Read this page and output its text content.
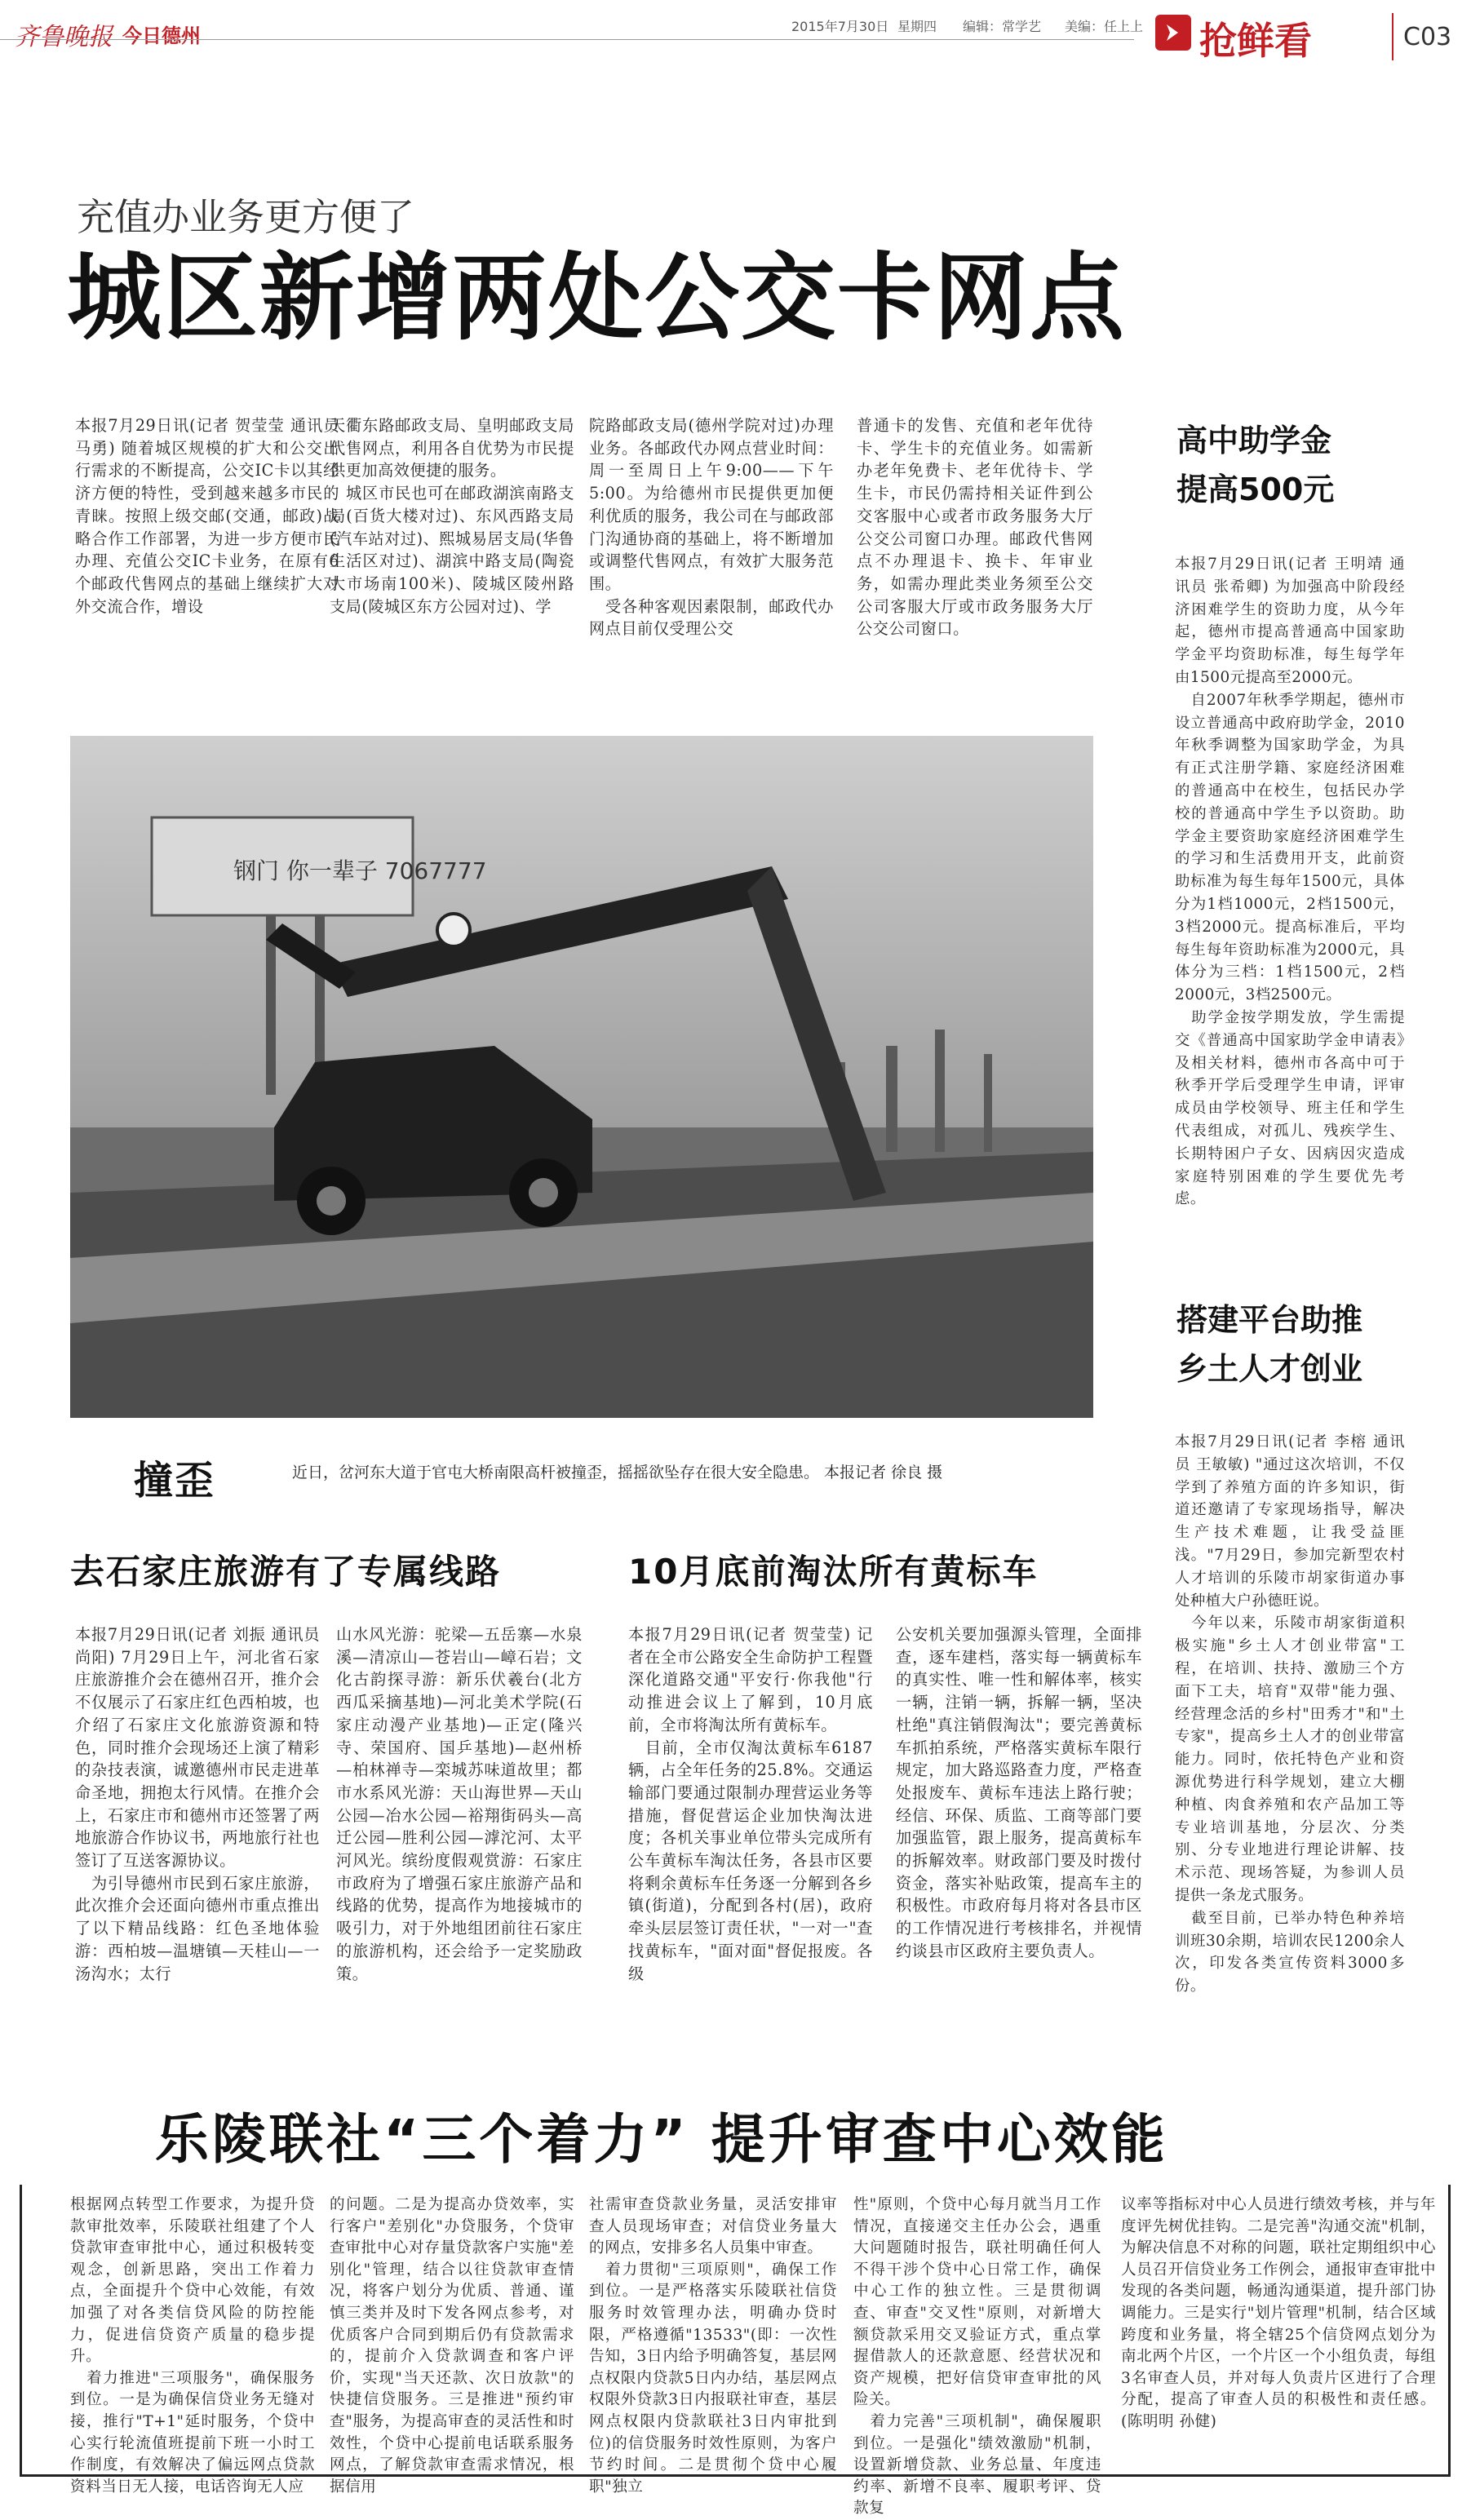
齐鲁晚报 今日德州	2015年7月30日 星期四 编辑：常学艺 美编：任上上 抢鲜看	C03
充值办业务更方便了
城区新增两处公交卡网点
本报7月29日讯(记者 贺莹莹 通讯员 马勇) 随着城区规模的扩大和公交出行需求的不断提高，公交IC卡以其经济方便的特性，受到越来越多市民的青睐。按照上级交邮(交通，邮政)战略合作工作部署，为进一步方便市民办理、充值公交IC卡业务，在原有6个邮政代售网点的基础上继续扩大对外交流合作，增设
天衢东路邮政支局、皇明邮政支局代售网点，利用各自优势为市民提供更加高效便捷的服务。
　城区市民也可在邮政湖滨南路支局(百货大楼对过)、东风西路支局(汽车站对过)、熙城易居支局(华鲁生活区对过)、湖滨中路支局(陶瓷大市场南100米)、陵城区陵州路支局(陵城区东方公园对过)、学
院路邮政支局(德州学院对过)办理业务。各邮政代办网点营业时间：周一至周日上午9:00——下午5:00。为给德州市民提供更加便利优质的服务，我公司在与邮政部门沟通协商的基础上，将不断增加或调整代售网点，有效扩大服务范围。
　受各种客观因素限制，邮政代办网点目前仅受理公交
普通卡的发售、充值和老年优待卡、学生卡的充值业务。如需新办老年免费卡、老年优待卡、学生卡，市民仍需持相关证件到公交客服中心或者市政务服务大厅公交公司窗口办理。邮政代售网点不办理退卡、换卡、年审业务，如需办理此类业务须至公交公司客服大厅或市政务服务大厅公交公司窗口。
钢门 你一辈子 7067777
撞歪	近日，岔河东大道于官屯大桥南限高杆被撞歪，摇摇欲坠存在很大安全隐患。 本报记者 徐良 摄
高中助学金
提高500元
本报7月29日讯(记者 王明靖 通讯员 张希卿) 为加强高中阶段经济困难学生的资助力度，从今年起，德州市提高普通高中国家助学金平均资助标准，每生每学年由1500元提高至2000元。
　自2007年秋季学期起，德州市设立普通高中政府助学金，2010年秋季调整为国家助学金，为具有正式注册学籍、家庭经济困难的普通高中在校生，包括民办学校的普通高中学生予以资助。助学金主要资助家庭经济困难学生的学习和生活费用开支，此前资助标准为每生每年1500元，具体分为1档1000元，2档1500元，3档2000元。提高标准后，平均每生每年资助标准为2000元，具体分为三档：1档1500元，2档2000元，3档2500元。
　助学金按学期发放，学生需提交《普通高中国家助学金申请表》及相关材料，德州市各高中可于秋季开学后受理学生申请，评审成员由学校领导、班主任和学生代表组成，对孤儿、残疾学生、长期特困户子女、因病因灾造成家庭特别困难的学生要优先考虑。
搭建平台助推
乡土人才创业
本报7月29日讯(记者 李榕 通讯员 王敏敏) "通过这次培训，不仅学到了养殖方面的许多知识，街道还邀请了专家现场指导，解决生产技术难题，让我受益匪浅。"7月29日，参加完新型农村人才培训的乐陵市胡家街道办事处种植大户孙德旺说。
　今年以来，乐陵市胡家街道积极实施"乡土人才创业带富"工程，在培训、扶持、激励三个方面下工夫，培育"双带"能力强、经营理念活的乡村"田秀才"和"土专家"，提高乡土人才的创业带富能力。同时，依托特色产业和资源优势进行科学规划，建立大棚种植、肉食养殖和农产品加工等专业培训基地，分层次、分类别、分专业地进行理论讲解、技术示范、现场答疑，为参训人员提供一条龙式服务。
　截至目前，已举办特色种养培训班30余期，培训农民1200余人次，印发各类宣传资料3000多份。
去石家庄旅游有了专属线路
本报7月29日讯(记者 刘振 通讯员 尚阳) 7月29日上午，河北省石家庄旅游推介会在德州召开，推介会不仅展示了石家庄红色西柏坡，也介绍了石家庄文化旅游资源和特色，同时推介会现场还上演了精彩的杂技表演，诚邀德州市民走进革命圣地，拥抱太行风情。在推介会上，石家庄市和德州市还签署了两地旅游合作协议书，两地旅行社也签订了互送客源协议。
　为引导德州市民到石家庄旅游，此次推介会还面向德州市重点推出了以下精品线路：红色圣地体验游：西柏坡—温塘镇—天桂山—一汤沟水；太行
山水风光游：驼梁—五岳寨—水泉溪—清凉山—苍岩山—嶂石岩；文化古韵探寻游：新乐伏羲台(北方西瓜采摘基地)—河北美术学院(石家庄动漫产业基地)—正定(隆兴寺、荣国府、国乒基地)—赵州桥—柏林禅寺—栾城苏味道故里；都市水系风光游：天山海世界—天山公园—冶水公园—裕翔街码头—高迁公园—胜利公园—滹沱河、太平河风光。缤纷度假观赏游：石家庄市政府为了增强石家庄旅游产品和线路的优势，提高作为地接城市的吸引力，对于外地组团前往石家庄的旅游机构，还会给予一定奖励政策。
10月底前淘汰所有黄标车
本报7月29日讯(记者 贺莹莹) 记者在全市公路安全生命防护工程暨深化道路交通"平安行·你我他"行动推进会议上了解到，10月底前，全市将淘汰所有黄标车。
　目前，全市仅淘汰黄标车6187辆，占全年任务的25.8%。交通运输部门要通过限制办理营运业务等措施，督促营运企业加快淘汰进度；各机关事业单位带头完成所有公车黄标车淘汰任务，各县市区要将剩余黄标车任务逐一分解到各乡镇(街道)，分配到各村(居)，政府牵头层层签订责任状，"一对一"查找黄标车，"面对面"督促报废。各级
公安机关要加强源头管理，全面排查，逐车建档，落实每一辆黄标车的真实性、唯一性和解体率，核实一辆，注销一辆，拆解一辆，坚决杜绝"真注销假淘汰"；要完善黄标车抓拍系统，严格落实黄标车限行规定，加大路巡路查力度，严格查处报废车、黄标车违法上路行驶；经信、环保、质监、工商等部门要加强监管，跟上服务，提高黄标车的拆解效率。财政部门要及时拨付资金，落实补贴政策，提高车主的积极性。市政府每月将对各县市区的工作情况进行考核排名，并视情约谈县市区政府主要负责人。
乐陵联社“三个着力” 提升审查中心效能
根据网点转型工作要求，为提升贷款审批效率，乐陵联社组建了个人贷款审查审批中心，通过积极转变观念，创新思路，突出工作着力点，全面提升个贷中心效能，有效加强了对各类信贷风险的防控能力，促进信贷资产质量的稳步提升。
　着力推进"三项服务"，确保服务到位。一是为确保信贷业务无缝对接，推行"T+1"延时服务，个贷中心实行轮流值班提前下班一小时工作制度，有效解决了偏远网点贷款资料当日无人接，电话咨询无人应
的问题。二是为提高办贷效率，实行客户"差别化"办贷服务，个贷审查审批中心对存量贷款客户实施"差别化"管理，结合以往贷款审查情况，将客户划分为优质、普通、谨慎三类并及时下发各网点参考，对优质客户合同到期后仍有贷款需求的，提前介入贷款调查和客户评价，实现"当天还款、次日放款"的快捷信贷服务。三是推进"预约审查"服务，为提高审查的灵活性和时效性，个贷中心提前电话联系服务网点，了解贷款审查需求情况，根据信用
社需审查贷款业务量，灵活安排审查人员现场审查；对信贷业务量大的网点，安排多名人员集中审查。
　着力贯彻"三项原则"，确保工作到位。一是严格落实乐陵联社信贷服务时效管理办法，明确办贷时限，严格遵循"13533"(即：一次性告知，3日内给予明确答复，基层网点权限内贷款5日内办结，基层网点权限外贷款3日内报联社审查，基层网点权限内贷款联社3日内审批到位)的信贷服务时效性原则，为客户节约时间。二是贯彻个贷中心履职"独立
性"原则，个贷中心每月就当月工作情况，直接递交主任办公会，遇重大问题随时报告，联社明确任何人不得干涉个贷中心日常工作，确保中心工作的独立性。三是贯彻调查、审查"交叉性"原则，对新增大额贷款采用交叉验证方式，重点掌握借款人的还款意愿、经营状况和资产规模，把好信贷审查审批的风险关。
　着力完善"三项机制"，确保履职到位。一是强化"绩效激励"机制，设置新增贷款、业务总量、年度违约率、新增不良率、履职考评、贷款复
议率等指标对中心人员进行绩效考核，并与年度评先树优挂钩。二是完善"沟通交流"机制，为解决信息不对称的问题，联社定期组织中心人员召开信贷业务工作例会，通报审查审批中发现的各类问题，畅通沟通渠道，提升部门协调能力。三是实行"划片管理"机制，结合区域跨度和业务量，将全辖25个信贷网点划分为南北两个片区，一个片区一个小组负责，每组3名审查人员，并对每人负责片区进行了合理分配，提高了审查人员的积极性和责任感。(陈明明 孙健)
